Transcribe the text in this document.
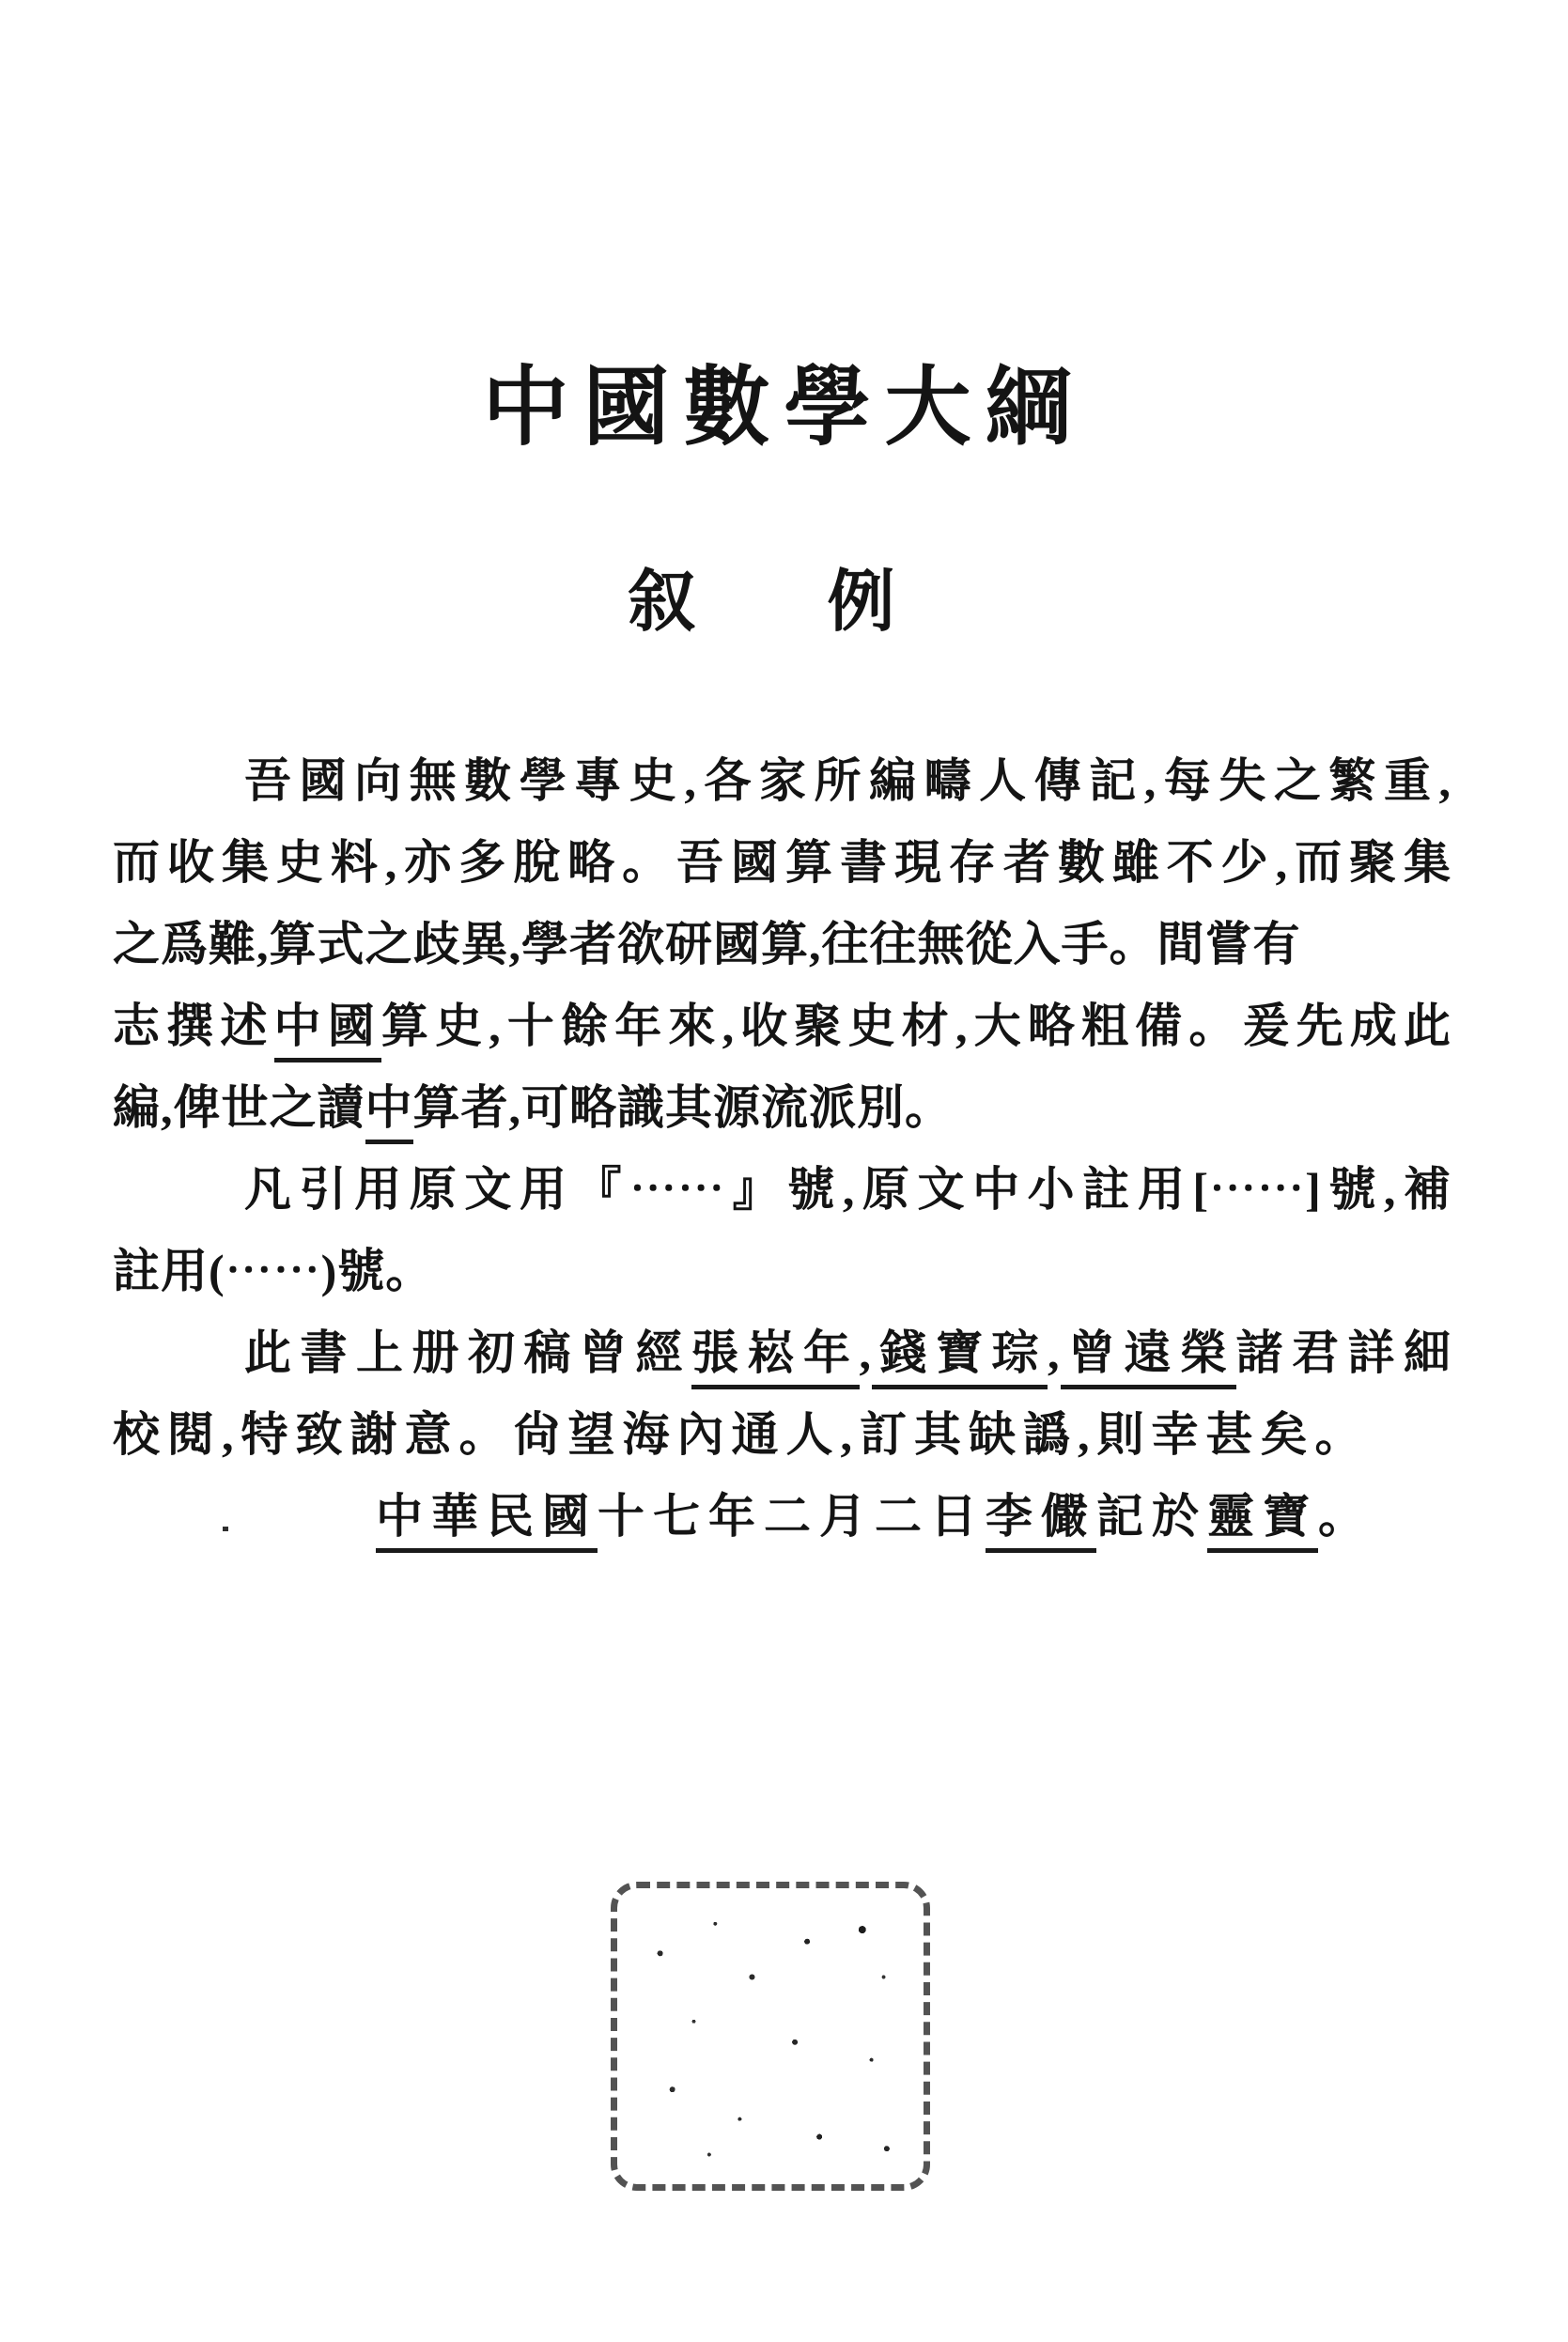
中國數學大綱
叙 例
吾國向無數學專史,各家所編疇人傳記,每失之繁重,
而收集史料,亦多脫略。吾國算書現存者數雖不少,而聚集
之爲難,算式之歧異,學者欲研國算,往往無從入手。間嘗有
志撰述中國算史,十餘年來,收聚史材,大略粗備。爰先成此
編,俾世之讀中算者,可略識其源流派別。
凡引用原文用『⋯⋯』號,原文中小註用[⋯⋯]號,補
註用(⋯⋯)號。
此書上册初稿曾經張崧年,錢寶琮,曾遠榮諸君詳細
校閱,特致謝意。尙望海內通人,訂其缺譌,則幸甚矣。
中華民國十七年二月二日李儼記於靈寶。
